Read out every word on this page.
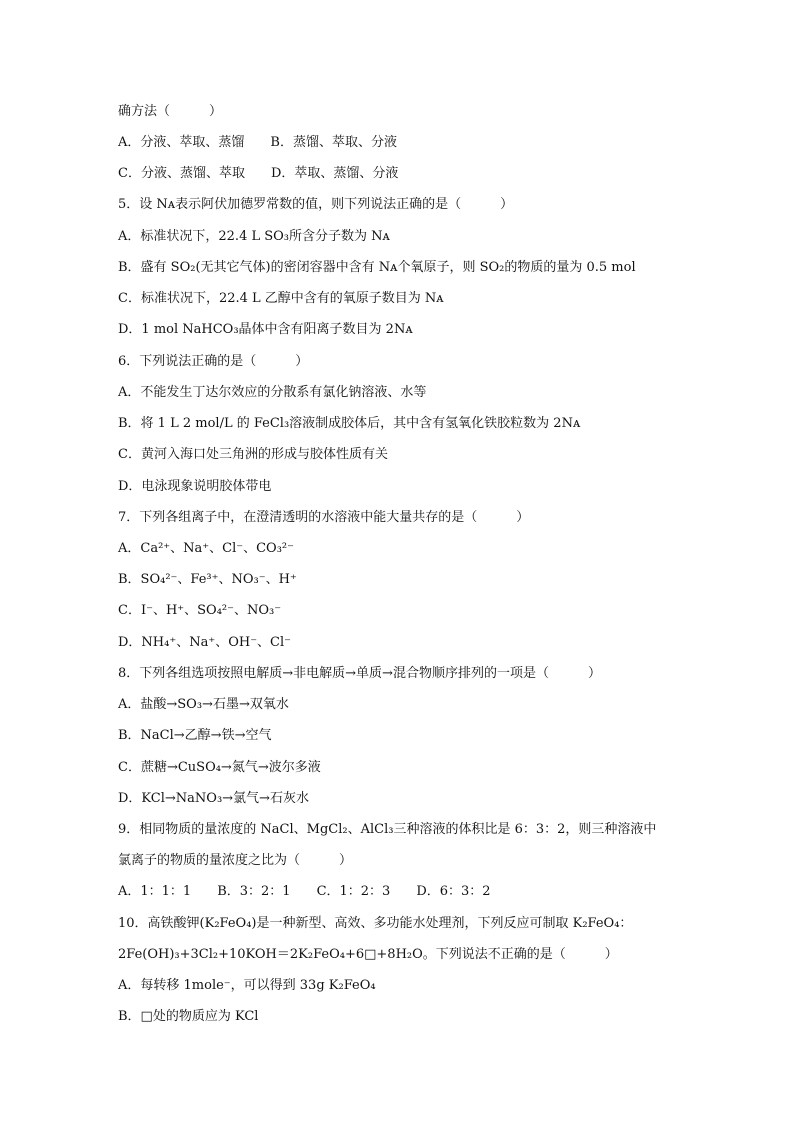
确方法（　　　）
A．分液、萃取、蒸馏　　B．蒸馏、萃取、分液
C．分液、蒸馏、萃取　　D．萃取、蒸馏、分液
5．设 Nᴀ表示阿伏加德罗常数的值，则下列说法正确的是（　　　）
A．标准状况下，22.4 L SO₃所含分子数为 Nᴀ
B．盛有 SO₂(无其它气体)的密闭容器中含有 Nᴀ个氧原子，则 SO₂的物质的量为 0.5 mol
C．标准状况下，22.4 L 乙醇中含有的氧原子数目为 Nᴀ
D．1 mol NaHCO₃晶体中含有阳离子数目为 2Nᴀ
6．下列说法正确的是（　　　）
A．不能发生丁达尔效应的分散系有氯化钠溶液、水等
B．将 1 L 2 mol/L 的 FeCl₃溶液制成胶体后，其中含有氢氧化铁胶粒数为 2Nᴀ
C．黄河入海口处三角洲的形成与胶体性质有关
D．电泳现象说明胶体带电
7．下列各组离子中，在澄清透明的水溶液中能大量共存的是（　　　）
A．Ca²⁺、Na⁺、Cl⁻、CO₃²⁻
B．SO₄²⁻、Fe³⁺、NO₃⁻、H⁺
C．I⁻、H⁺、SO₄²⁻、NO₃⁻
D．NH₄⁺、Na⁺、OH⁻、Cl⁻
8．下列各组选项按照电解质→非电解质→单质→混合物顺序排列的一项是（　　　）
A．盐酸→SO₃→石墨→双氧水
B．NaCl→乙醇→铁→空气
C．蔗糖→CuSO₄→氮气→波尔多液
D．KCl→NaNO₃→氯气→石灰水
9．相同物质的量浓度的 NaCl、MgCl₂、AlCl₃三种溶液的体积比是 6：3：2，则三种溶液中
氯离子的物质的量浓度之比为（　　　）
A．1：1：1　　B．3：2：1　　C．1：2：3　　D．6：3：2
10．高铁酸钾(K₂FeO₄)是一种新型、高效、多功能水处理剂，下列反应可制取 K₂FeO₄：
2Fe(OH)₃+3Cl₂+10KOH＝2K₂FeO₄+6□+8H₂O。下列说法不正确的是（　　　）
A．每转移 1mole⁻，可以得到 33g K₂FeO₄
B．□处的物质应为 KCl
